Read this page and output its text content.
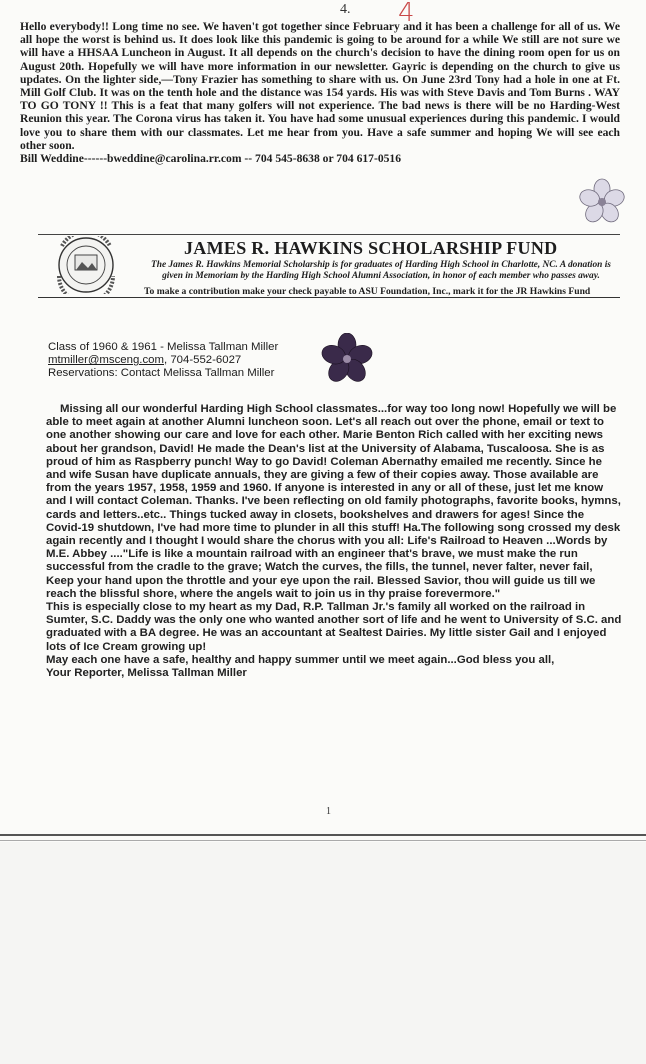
4. 4

Hello everybody!! Long time no see. We haven't got together since February and it has been a challenge for all of us. We all hope the worst is behind us. It does look like this pandemic is going to be around for a while We still are not sure we will have a HHSAA Luncheon in August. It all depends on the church's decision to have the dining room open for us on August 20th. Hopefully we will have more information in our newsletter. Gayric is depending on the church to give us updates. On the lighter side,—Tony Frazier has something to share with us. On June 23rd Tony had a hole in one at Ft. Mill Golf Club. It was on the tenth hole and the distance was 154 yards. His was with Steve Davis and Tom Burns . WAY TO GO TONY !! This is a feat that many golfers will not experience. The bad news is there will be no Harding-West Reunion this year. The Corona virus has taken it. You have had some unusual experiences during this pandemic. I would love you to share them with our classmates. Let me hear from you. Have a safe summer and hoping We will see each other soon.

Bill Weddine------bweddine@carolina.rr.com -- 704 545-8638 or 704 617-0516

JAMES R. HAWKINS SCHOLARSHIP FUND
The James R. Hawkins Memorial Scholarship is for graduates of Harding High School in Charlotte, NC. A donation is given in Memoriam by the Harding High School Alumni Association, in honor of each member who passes away.
To make a contribution make your check payable to ASU Foundation, Inc., mark it for the JR Hawkins Fund
Class of 1960 & 1961 - Melissa Tallman Miller
mtmiller@msceng.com, 704-552-6027
Reservations: Contact Melissa Tallman Miller

Missing all our wonderful Harding High School classmates...for way too long now! Hopefully we will be able to meet again at another Alumni luncheon soon. Let's all reach out over the phone, email or text to one another showing our care and love for each other. Marie Benton Rich called with her exciting news about her grandson, David! He made the Dean's list at the University of Alabama, Tuscaloosa. She is as proud of him as Raspberry punch! Way to go David! Coleman Abernathy emailed me recently. Since he and wife Susan have duplicate annuals, they are giving a few of their copies away. Those available are from the years 1957, 1958, 1959 and 1960. If anyone is interested in any or all of these, just let me know and I will contact Coleman. Thanks. I've been reflecting on old family photographs, favorite books, hymns, cards and letters..etc.. Things tucked away in closets, bookshelves and drawers for ages! Since the Covid-19 shutdown, I've had more time to plunder in all this stuff! Ha.The following song crossed my desk again recently and I thought I would share the chorus with you all: Life's Railroad to Heaven ...Words by M.E. Abbey ...."Life is like a mountain railroad with an engineer that's brave, we must make the run successful from the cradle to the grave; Watch the curves, the fills, the tunnel, never falter, never fail, Keep your hand upon the throttle and your eye upon the rail. Blessed Savior, thou will guide us till we reach the blissful shore, where the angels wait to join us in thy praise forevermore."

This is especially close to my heart as my Dad, R.P. Tallman Jr.'s family all worked on the railroad in Sumter, S.C. Daddy was the only one who wanted another sort of life and he went to University of S.C. and graduated with a BA degree. He was an accountant at Sealtest Dairies. My little sister Gail and I enjoyed lots of Ice Cream growing up!

May each one have a safe, healthy and happy summer until we meet again...God bless you all,

Your Reporter, Melissa Tallman Miller

1
